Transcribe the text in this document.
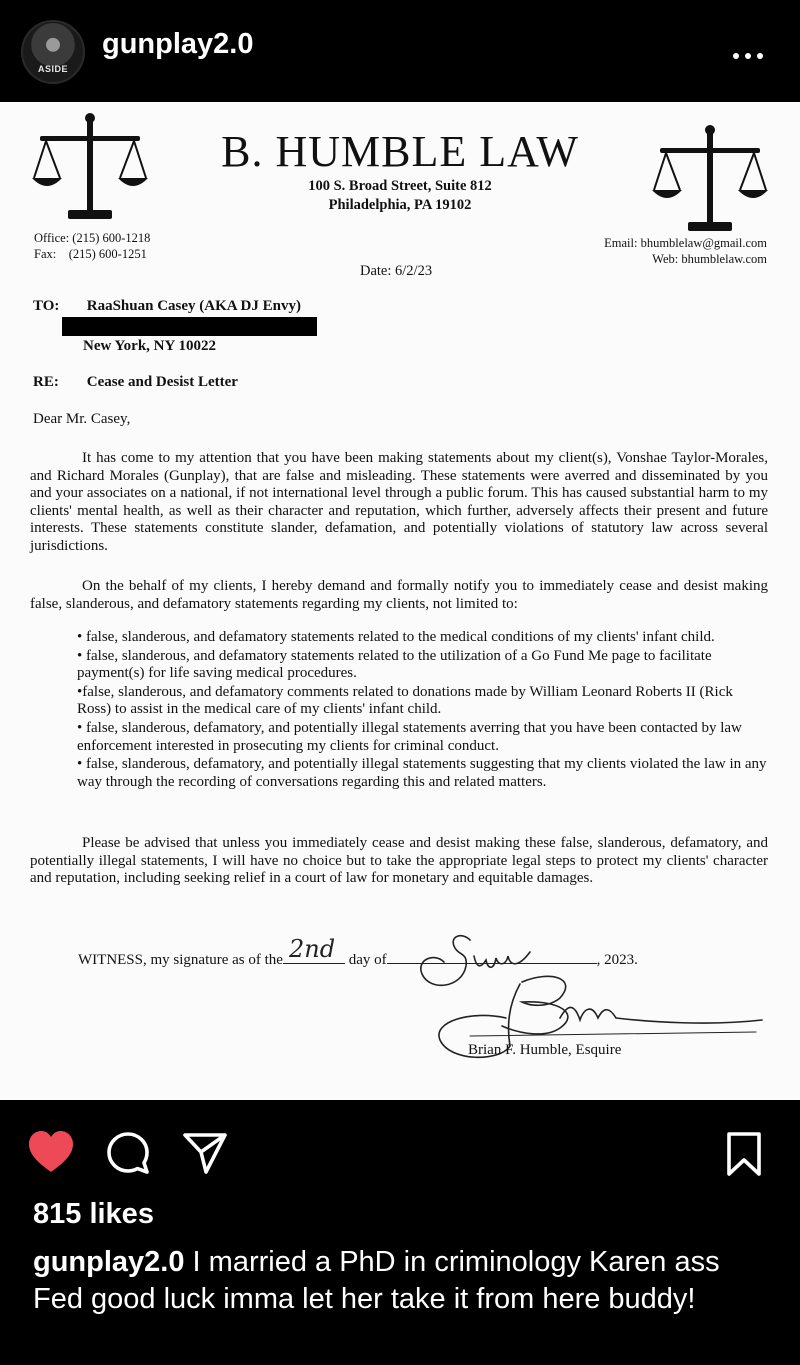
ASIDE
gunplay2.0
B. HUMBLE LAW
100 S. Broad Street, Suite 812
Philadelphia, PA 19102
Office: (215) 600-1218
Fax:    (215) 600-1251
Email: bhumblelaw@gmail.com
Web: bhumblelaw.com
Date: 6/2/23
TO: RaaShuan Casey (AKA DJ Envy)
New York, NY 10022
RE: Cease and Desist Letter
Dear Mr. Casey,

It has come to my attention that you have been making statements about my client(s), Vonshae Taylor-Morales, and Richard Morales (Gunplay), that are false and misleading. These statements were averred and disseminated by you and your associates on a national, if not international level through a public forum. This has caused substantial harm to my clients' mental health, as well as their character and reputation, which further, adversely affects their present and future interests. These statements constitute slander, defamation, and potentially violations of statutory law across several jurisdictions.

On the behalf of my clients, I hereby demand and formally notify you to immediately cease and desist making false, slanderous, and defamatory statements regarding my clients, not limited to:

• false, slanderous, and defamatory statements related to the medical conditions of my clients' infant child.
• false, slanderous, and defamatory statements related to the utilization of a Go Fund Me page to facilitate payment(s) for life saving medical procedures.
•false, slanderous, and defamatory comments related to donations made by William Leonard Roberts II (Rick Ross) to assist in the medical care of my clients' infant child.
• false, slanderous, defamatory, and potentially illegal statements averring that you have been contacted by law enforcement interested in prosecuting my clients for criminal conduct.
• false, slanderous, defamatory, and potentially illegal statements suggesting that my clients violated the law in any way through the recording of conversations regarding this and related matters.

Please be advised that unless you immediately cease and desist making these false, slanderous, defamatory, and potentially illegal statements, I will have no choice but to take the appropriate legal steps to protect my clients' character and reputation, including seeking relief in a court of law for monetary and equitable damages.

WITNESS, my signature as of the 2nd day of	, 2023.
Brian F. Humble, Esquire
815 likes
gunplay2.0 I married a PhD in criminology Karen ass Fed good luck imma let her take it from here buddy!
